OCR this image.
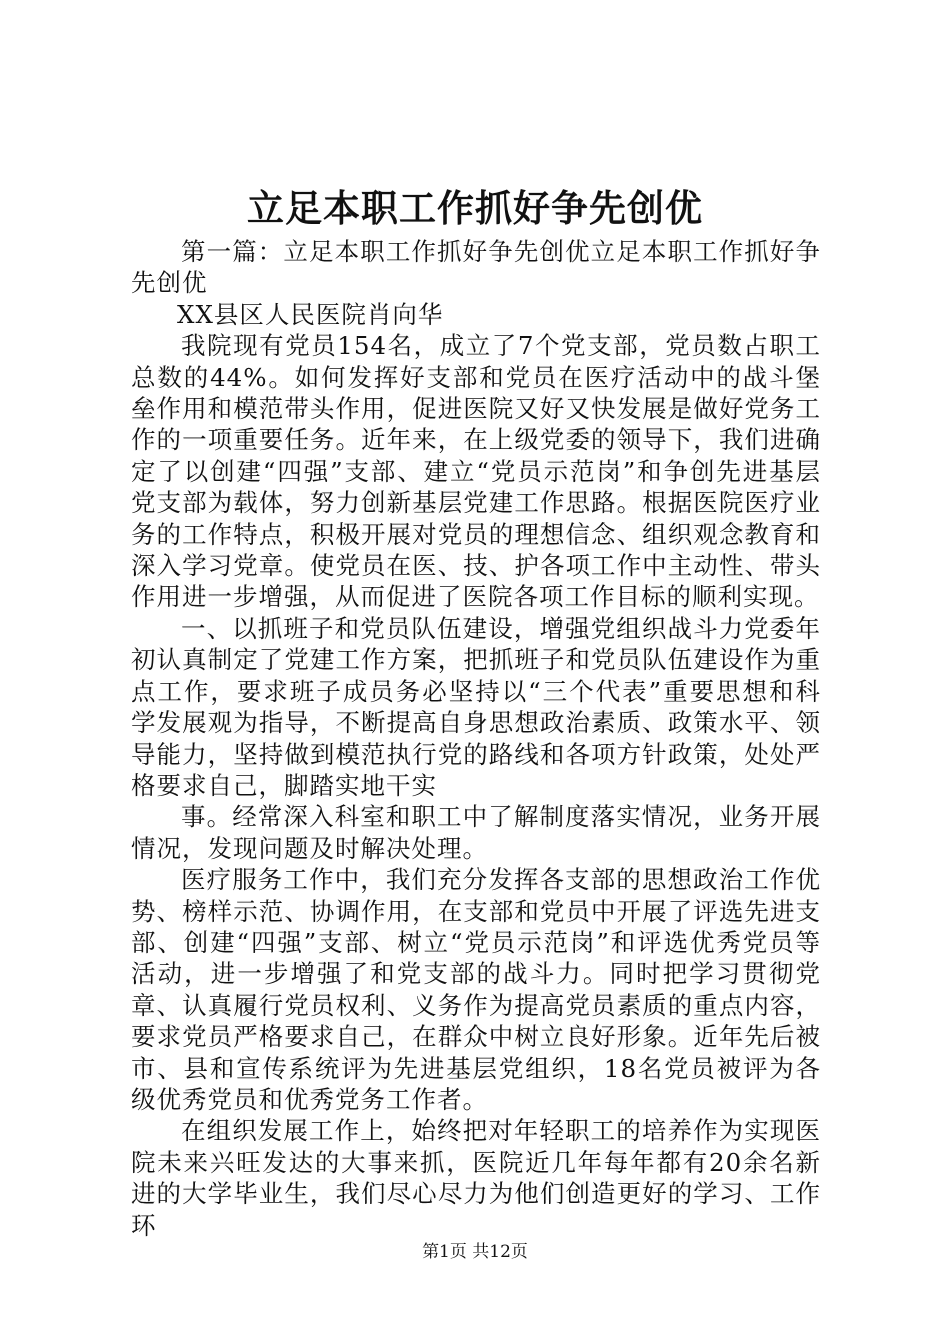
立足本职工作抓好争先创优

第一篇：立足本职工作抓好争先创优立足本职工作抓好争先创优

XX县区人民医院肖向华

我院现有党员154名，成立了7个党支部，党员数占职工总数的44%。如何发挥好支部和党员在医疗活动中的战斗堡垒作用和模范带头作用，促进医院又好又快发展是做好党务工作的一项重要任务。近年来，在上级党委的领导下，我们进确定了以创建“四强”支部、建立“党员示范岗”和争创先进基层党支部为载体，努力创新基层党建工作思路。根据医院医疗业务的工作特点，积极开展对党员的理想信念、组织观念教育和深入学习党章。使党员在医、技、护各项工作中主动性、带头作用进一步增强，从而促进了医院各项工作目标的顺利实现。

一、以抓班子和党员队伍建设，增强党组织战斗力党委年初认真制定了党建工作方案，把抓班子和党员队伍建设作为重点工作，要求班子成员务必坚持以“三个代表”重要思想和科学发展观为指导，不断提高自身思想政治素质、政策水平、领导能力，坚持做到模范执行党的路线和各项方针政策，处处严格要求自己，脚踏实地干实

事。经常深入科室和职工中了解制度落实情况，业务开展情况，发现问题及时解决处理。

医疗服务工作中，我们充分发挥各支部的思想政治工作优势、榜样示范、协调作用，在支部和党员中开展了评选先进支部、创建“四强”支部、树立“党员示范岗”和评选优秀党员等活动，进一步增强了和党支部的战斗力。同时把学习贯彻党章、认真履行党员权利、义务作为提高党员素质的重点内容，要求党员严格要求自己，在群众中树立良好形象。近年先后被市、县和宣传系统评为先进基层党组织，18名党员被评为各级优秀党员和优秀党务工作者。

在组织发展工作上，始终把对年轻职工的培养作为实现医院未来兴旺发达的大事来抓，医院近几年每年都有20余名新进的大学毕业生，我们尽心尽力为他们创造更好的学习、工作环

第1页 共12页
